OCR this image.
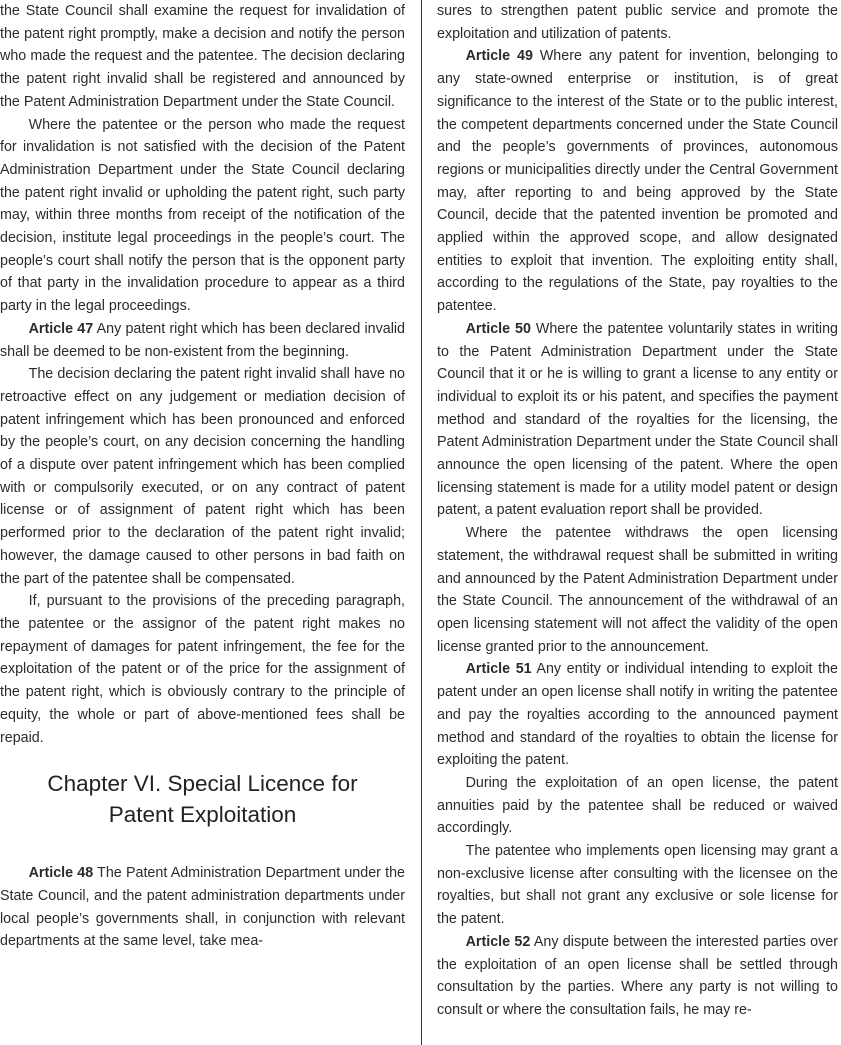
the State Council shall examine the request for invalidation of the patent right promptly, make a decision and notify the person who made the request and the patentee. The decision declaring the patent right invalid shall be registered and announced by the Patent Administration Department under the State Council.

Where the patentee or the person who made the request for invalidation is not satisfied with the decision of the Patent Administration Department under the State Council declaring the patent right invalid or upholding the patent right, such party may, within three months from receipt of the notification of the decision, institute legal proceedings in the people’s court. The people’s court shall notify the person that is the opponent party of that party in the invalidation procedure to appear as a third party in the legal proceedings.

Article 47 Any patent right which has been declared invalid shall be deemed to be non-existent from the beginning.

The decision declaring the patent right invalid shall have no retroactive effect on any judgement or mediation decision of patent infringement which has been pronounced and enforced by the people’s court, on any decision concerning the handling of a dispute over patent infringement which has been complied with or compulsorily executed, or on any contract of patent license or of assignment of patent right which has been performed prior to the declaration of the patent right invalid; however, the damage caused to other persons in bad faith on the part of the patentee shall be compensated.

If, pursuant to the provisions of the preceding paragraph, the patentee or the assignor of the patent right makes no repayment of damages for patent infringement, the fee for the exploitation of the patent or of the price for the assignment of the patent right, which is obviously contrary to the principle of equity, the whole or part of above-mentioned fees shall be repaid.

Chapter VI. Special Licence for
Patent Exploitation

Article 48 The Patent Administration Department under the State Council, and the patent administration departments under local people’s governments shall, in conjunction with relevant departments at the same level, take mea-

sures to strengthen patent public service and promote the exploitation and utilization of patents.

Article 49 Where any patent for invention, belonging to any state-owned enterprise or institution, is of great significance to the interest of the State or to the public interest, the competent departments concerned under the State Council and the people’s governments of provinces, autonomous regions or municipalities directly under the Central Government may, after reporting to and being approved by the State Council, decide that the patented invention be promoted and applied within the approved scope, and allow designated entities to exploit that invention. The exploiting entity shall, according to the regulations of the State, pay royalties to the patentee.

Article 50 Where the patentee voluntarily states in writing to the Patent Administration Department under the State Council that it or he is willing to grant a license to any entity or individual to exploit its or his patent, and specifies the payment method and standard of the royalties for the licensing, the Patent Administration Department under the State Council shall announce the open licensing of the patent. Where the open licensing statement is made for a utility model patent or design patent, a patent evaluation report shall be provided.

Where the patentee withdraws the open licensing statement, the withdrawal request shall be submitted in writing and announced by the Patent Administration Department under the State Council. The announcement of the withdrawal of an open licensing statement will not affect the validity of the open license granted prior to the announcement.

Article 51 Any entity or individual intending to exploit the patent under an open license shall notify in writing the patentee and pay the royalties according to the announced payment method and standard of the royalties to obtain the license for exploiting the patent.

During the exploitation of an open license, the patent annuities paid by the patentee shall be reduced or waived accordingly.

The patentee who implements open licensing may grant a non-exclusive license after consulting with the licensee on the royalties, but shall not grant any exclusive or sole license for the patent.

Article 52 Any dispute between the interested parties over the exploitation of an open license shall be settled through consultation by the parties. Where any party is not willing to consult or where the consultation fails, he may re-
